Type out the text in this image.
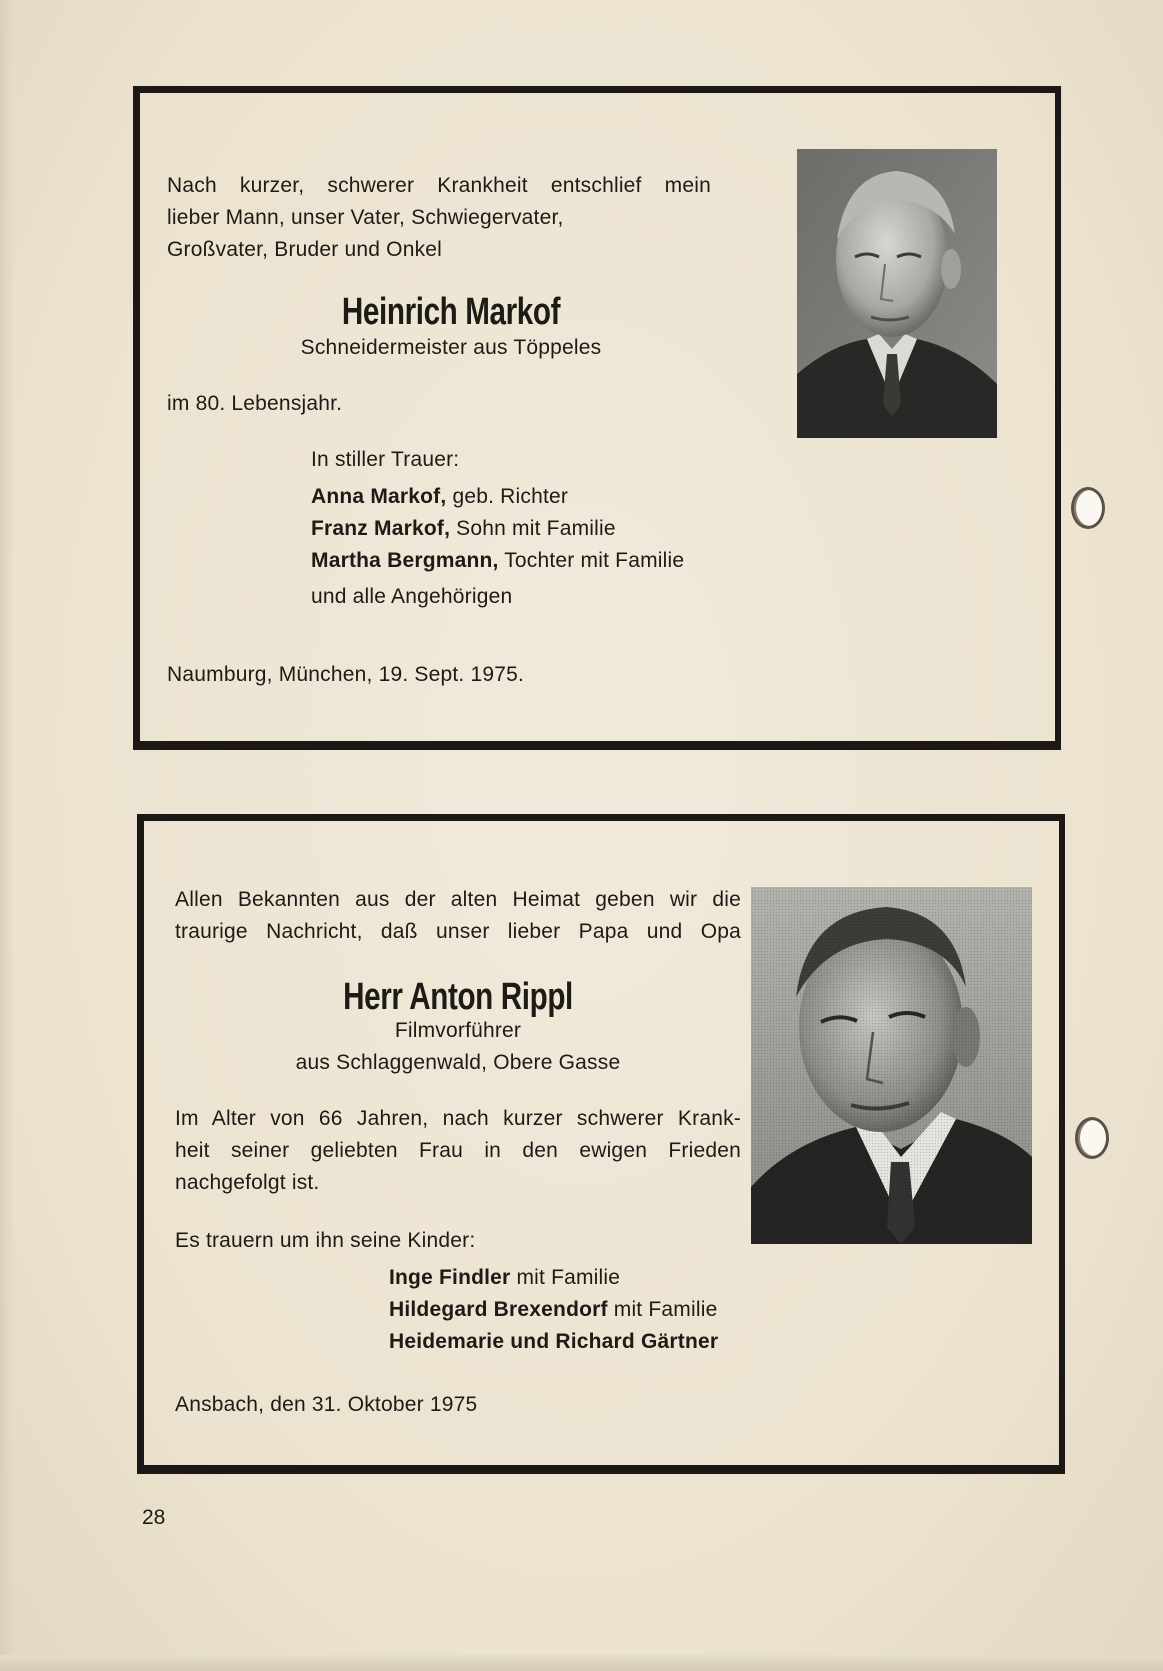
Nach kurzer, schwerer Krankheit entschlief mein
lieber Mann, unser Vater, Schwiegervater,
Großvater, Bruder und Onkel
Heinrich Markof
Schneidermeister aus Töppeles
im 80. Lebensjahr.
In stiller Trauer:
Anna Markof, geb. Richter
Franz Markof, Sohn mit Familie
Martha Bergmann, Tochter mit Familie
und alle Angehörigen
Naumburg, München, 19. Sept. 1975.
Allen Bekannten aus der alten Heimat geben wir die
traurige Nachricht, daß unser lieber Papa und Opa
Herr Anton Rippl
Filmvorführer
aus Schlaggenwald, Obere Gasse
Im Alter von 66 Jahren, nach kurzer schwerer Krank-
heit seiner geliebten Frau in den ewigen Frieden
nachgefolgt ist.
Es trauern um ihn seine Kinder:
Inge Findler mit Familie
Hildegard Brexendorf mit Familie
Heidemarie und Richard Gärtner
Ansbach, den 31. Oktober 1975
28
